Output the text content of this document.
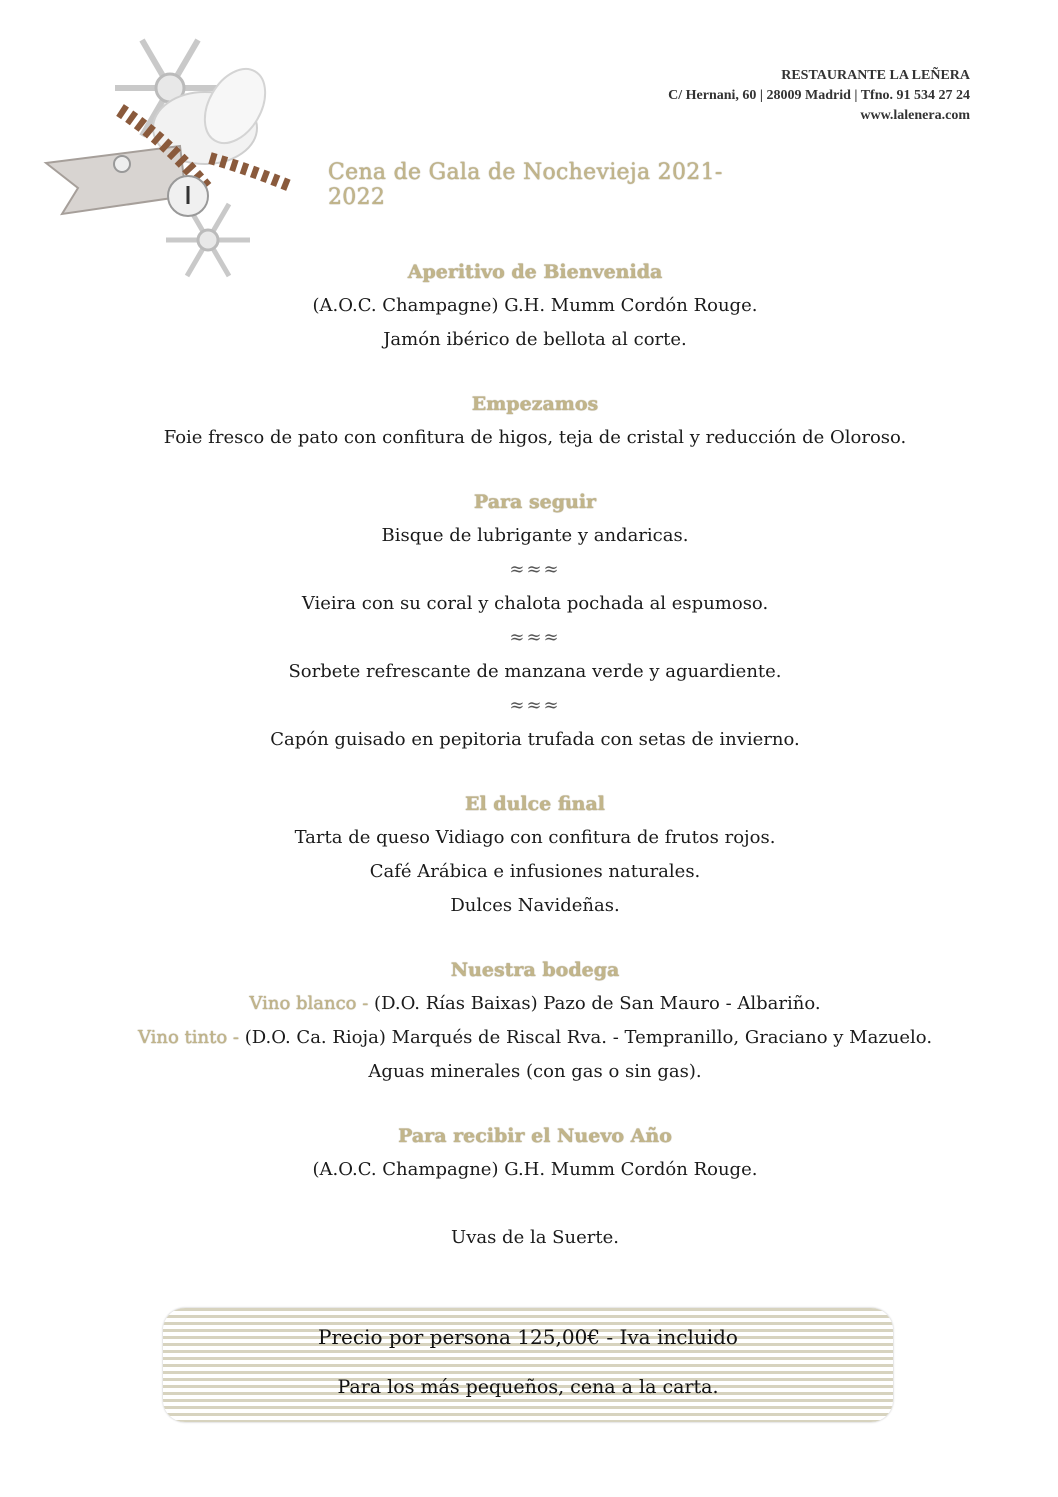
RESTAURANTE LA LEÑERA
C/ Hernani, 60 | 28009 Madrid | Tfno. 91 534 27 24
www.lalenera.com
Cena de Gala de Nochevieja 2021-2022
Aperitivo de Bienvenida
(A.O.C. Champagne) G.H. Mumm Cordón Rouge.
Jamón ibérico de bellota al corte.
Empezamos
Foie fresco de pato con confitura de higos, teja de cristal y reducción de Oloroso.
Para seguir
Bisque de lubrigante y andaricas.
≈≈≈
Vieira con su coral y chalota pochada al espumoso.
≈≈≈
Sorbete refrescante de manzana verde y aguardiente.
≈≈≈
Capón guisado en pepitoria trufada con setas de invierno.
El dulce final
Tarta de queso Vidiago con confitura de frutos rojos.
Café Arábica e infusiones naturales.
Dulces Navideñas.
Nuestra bodega
Vino blanco - (D.O. Rías Baixas) Pazo de San Mauro - Albariño.
Vino tinto - (D.O. Ca. Rioja) Marqués de Riscal Rva. - Tempranillo, Graciano y Mazuelo.
Aguas minerales (con gas o sin gas).
Para recibir el Nuevo Año
(A.O.C. Champagne) G.H. Mumm Cordón Rouge.
Uvas de la Suerte.
Precio por persona 125,00€ - Iva incluido
Para los más pequeños, cena a la carta.
